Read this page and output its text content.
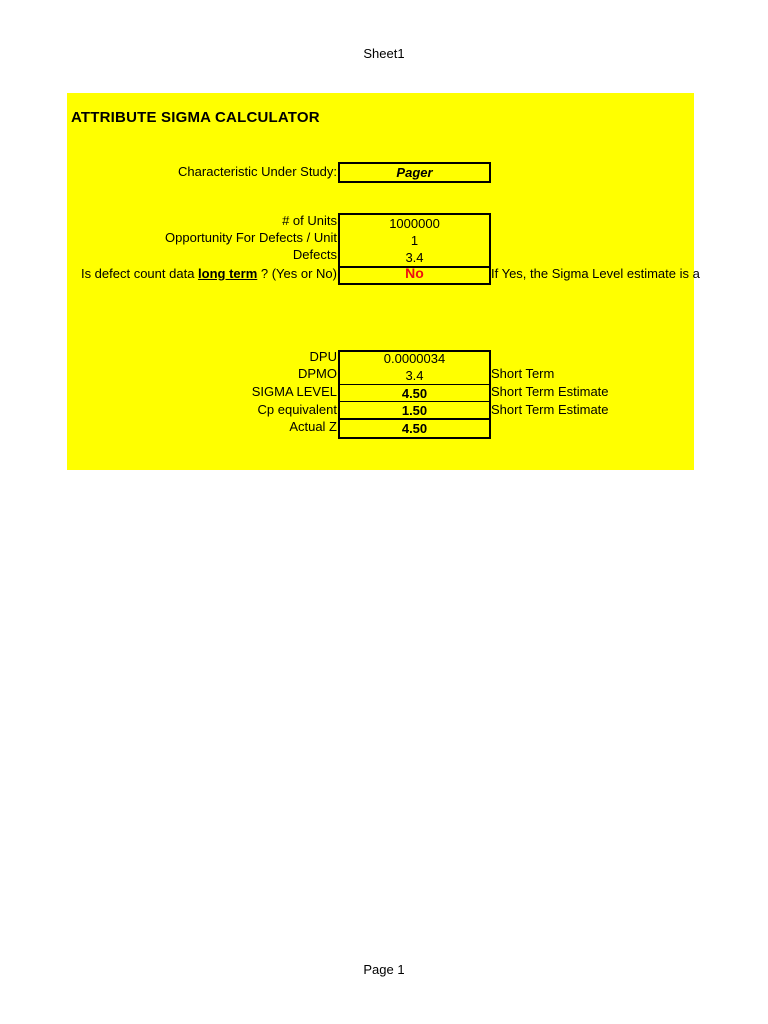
Sheet1
ATTRIBUTE SIGMA CALCULATOR
Characteristic Under Study:	Pager
# of Units
Opportunity For Defects / Unit
Defects
Is defect count data long term ? (Yes or No)
1000000
1
3.4
No	If Yes, the Sigma Level estimate is a
DPU
DPMO
SIGMA LEVEL
Cp equivalent
Actual Z
0.0000034
3.4
4.50
1.50
4.50
Short Term
Short Term Estimate
Short Term Estimate
Page 1
